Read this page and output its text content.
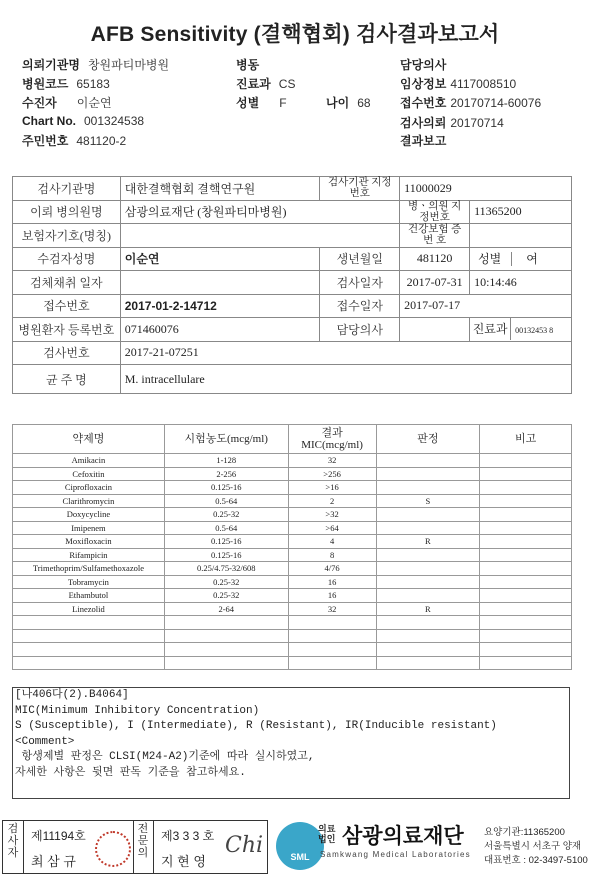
AFB Sensitivity (결핵협회) 검사결과보고서
의뢰기관명 창원파티마병원	병동	담당의사
병원코드 65183	진료과 CS	임상정보 4117008510
수진자 이순연	성별 F	나이 68 접수번호 20170714-60076
Chart No. 001324538	검사의뢰 20170714
주민번호 481120-2	결과보고
검사기관명	대한결핵협회 결핵연구원	검사기관 지정번호	11000029	
이뢰 병의원명	삼광의료재단 (창원파티마병원)		병ㆍ의원 지정번호	11365200
보험자기호(명칭)			건강보험 증 번 호	
수검자성명	이순연	생년월일	481120	성별 여
검체채취 일자		검사일자	2017-07-31	10:14:46
접수번호	2017-01-2-14712	접수일자	2017-07-17	
병원환자 등록번호	071460076	담당의사		진료과 00132453 8
검사번호	2017-21-07251			
균 주 명	M. intracellulare			
약제명	시험농도(mcg/ml)	결과 MIC(mcg/ml)	판정	비고
Amikacin	1-128	32		
Cefoxitin	2-256	>256		
Ciprofloxacin	0.125-16	>16		
Clarithromycin	0.5-64	2	S	
Doxycycline	0.25-32	>32		
Imipenem	0.5-64	>64		
Moxifloxacin	0.125-16	4	R	
Rifampicin	0.125-16	8		
Trimethoprim/Sulfamethoxazole	0.25/4.75-32/608	4/76		
Tobramycin	0.25-32	16		
Ethambutol	0.25-32	16		
Linezolid	2-64	32	R	

[나406다(2).B4064]
MIC(Minimum Inhibitory Concentration)
S (Susceptible), I (Intermediate), R (Resistant), IR(Inducible resistant)
<Comment>
항생제별 판정은 CLSI(M24-A2)기준에 따라 실시하였고,
자세한 사항은 뒷면 판독 기준을 참고하세요.
검사자
제11194호
최 삼 규
전문의
제3 3 3 호
지 현 영
Chi	SML
의료 법인 삼광의료재단
Samkwang Medical Laboratories
요양기관:11365200
서울특별시 서초구 양재
대표번호 : 02-3497-5100
